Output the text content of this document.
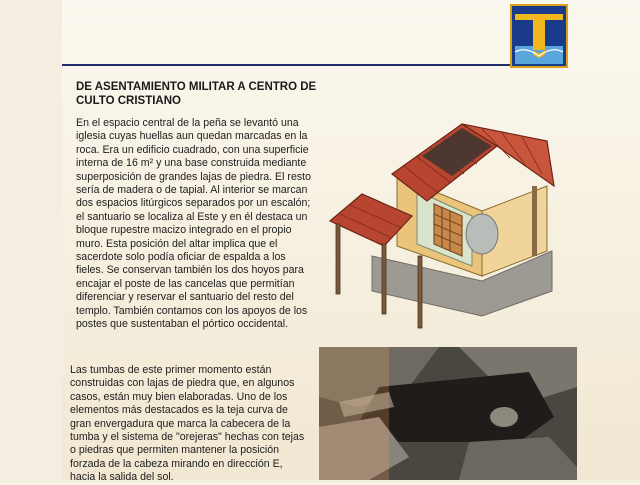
DE ASENTAMIENTO MILITAR A CENTRO DE CULTO CRISTIANO
En el espacio central de la peña se levantó una iglesia cuyas huellas aun quedan marcadas en la roca. Era un edificio cuadrado, con una superficie interna de 16 m² y una base construida mediante superposición de grandes lajas de piedra. El resto sería de madera o de tapial. Al interior se marcan dos espacios litúrgicos separados por un escalón; el santuario se localiza al Este y en él destaca un bloque rupestre macizo integrado en el propio muro. Esta posición del altar implica que el sacerdote solo podía oficiar de espalda a los fieles. Se conservan también los dos hoyos para encajar el poste de las cancelas que permitían diferenciar y reservar el santuario del resto del templo. También contamos con los apoyos de los postes que sustentaban el pórtico occidental.
Las tumbas de este primer momento están construidas con lajas de piedra que, en algunos casos, están muy bien elaboradas. Uno de los elementos más destacados es la teja curva de gran envergadura que marca la cabecera de la tumba y el sistema de "orejeras" hechas con tejas o piedras que permiten mantener la posición forzada de la cabeza mirando en dirección E, hacia la salida del sol.
